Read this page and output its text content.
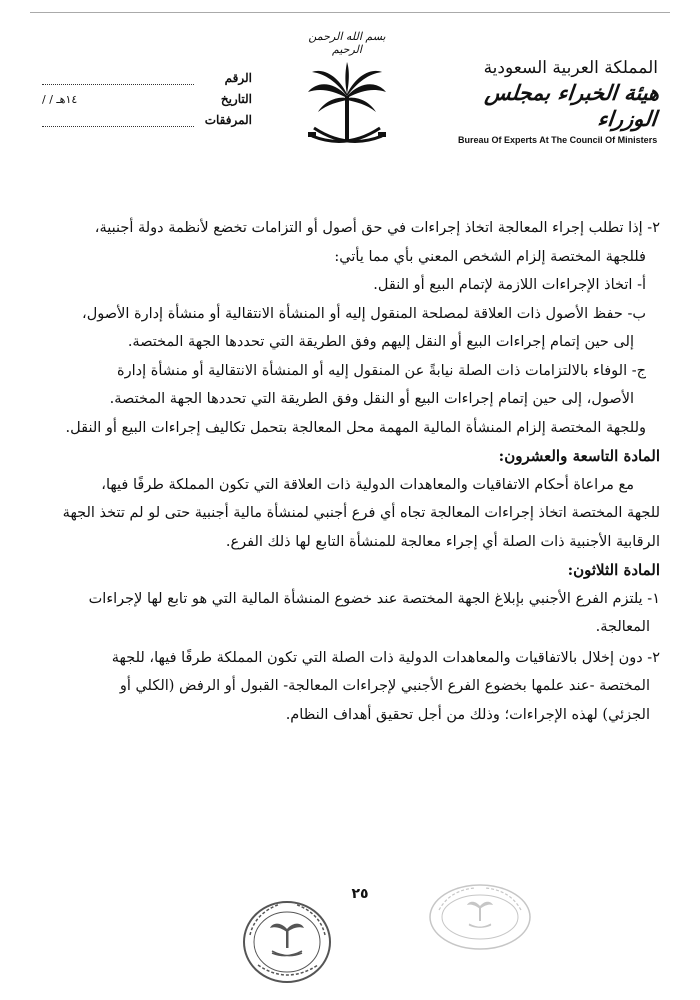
المملكة العربية السعودية
هيئة الخبراء بمجلس الوزراء
Bureau Of Experts At The Council Of Ministers
بسم الله الرحمن الرحيم
الرقم
التاريخ
/ / ١٤هـ
المرفقات

٢- إذا تطلب إجراء المعالجة اتخاذ إجراءات في حق أصول أو التزامات تخضع لأنظمة دولة أجنبية،

فللجهة المختصة إلزام الشخص المعني بأي مما يأتي:

أ- اتخاذ الإجراءات اللازمة لإتمام البيع أو النقل.

ب- حفظ الأصول ذات العلاقة لمصلحة المنقول إليه أو المنشأة الانتقالية أو منشأة إدارة الأصول،

إلى حين إتمام إجراءات البيع أو النقل إليهم وفق الطريقة التي تحددها الجهة المختصة.

ج- الوفاء بالالتزامات ذات الصلة نيابةً عن المنقول إليه أو المنشأة الانتقالية أو منشأة إدارة

الأصول، إلى حين إتمام إجراءات البيع أو النقل وفق الطريقة التي تحددها الجهة المختصة.

وللجهة المختصة إلزام المنشأة المالية المهمة محل المعالجة بتحمل تكاليف إجراءات البيع أو النقل.

المادة التاسعة والعشرون:

مع مراعاة أحكام الاتفاقيات والمعاهدات الدولية ذات العلاقة التي تكون المملكة طرفًا فيها،

للجهة المختصة اتخاذ إجراءات المعالجة تجاه أي فرع أجنبي لمنشأة مالية أجنبية حتى لو لم تتخذ الجهة

الرقابية الأجنبية ذات الصلة أي إجراء معالجة للمنشأة التابع لها ذلك الفرع.

المادة الثلاثون:

١- يلتزم الفرع الأجنبي بإبلاغ الجهة المختصة عند خضوع المنشأة المالية التي هو تابع لها لإجراءات

المعالجة.

٢- دون إخلال بالاتفاقيات والمعاهدات الدولية ذات الصلة التي تكون المملكة طرفًا فيها، للجهة

المختصة -عند علمها بخضوع الفرع الأجنبي لإجراءات المعالجة- القبول أو الرفض (الكلي أو

الجزئي) لهذه الإجراءات؛ وذلك من أجل تحقيق أهداف النظام.

٢٥
